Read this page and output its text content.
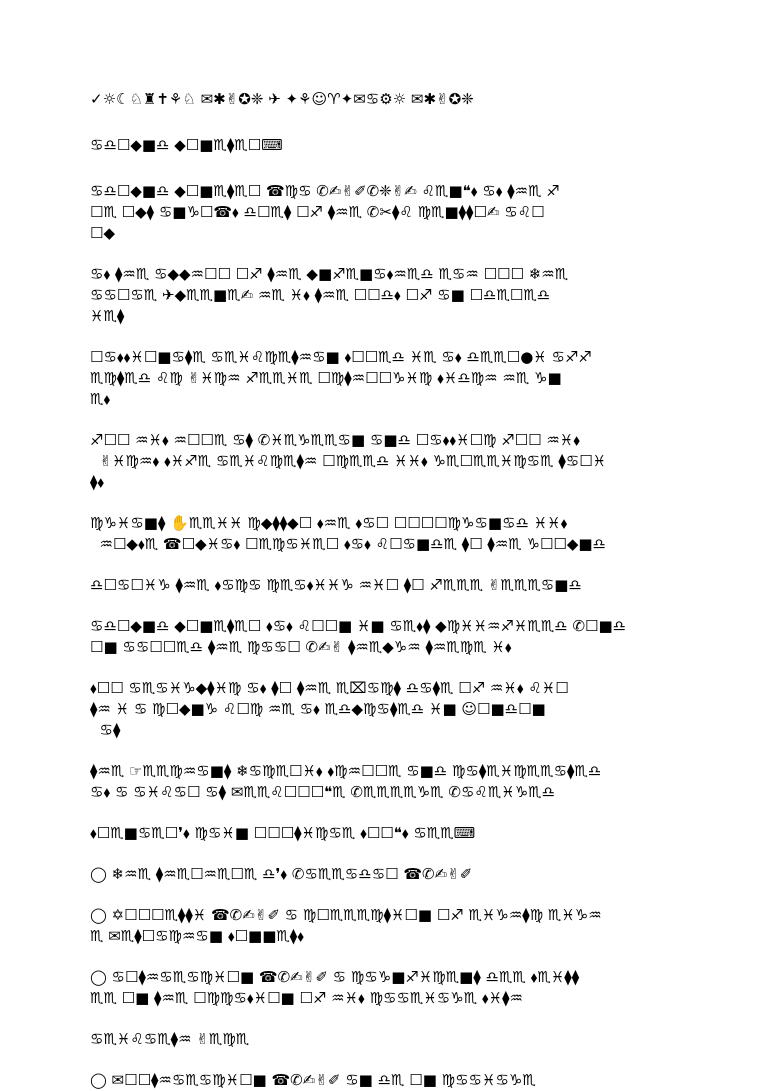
✓☼☾♘♜✝⚘♘ ✉✱✌✪❈ ✈ ✦⚘☺♈✦✉♋⚙☼ ✉✱✌✪❈

♋♎☐◆■♎ ◆☐■♏⧫♏☐⌨

♋♎☐◆■♎ ◆☐■♏⧫♏☐ ☎♍♋ ✆✍✌✐✆❈✌✍ ♌♏■❝⬧ ♋⬧ ⧫♒♏ ♐

☐♏ ☐◆⧫ ♋■♑☐☎⬧ ♎☐♏⧫ ☐♐ ⧫♒♏ ✆✂⧫♌ ♍♏■⧫⧫☐✍ ♋♌☐

☐◆

♋⬧ ⧫♒♏ ♋◆◆♒☐☐ ☐♐ ⧫♒♏ ◆■♐♏■♋⬧♒♏♎ ♏♋♒ ☐☐☐ ❄♒♏

♋♋☐♋♏ ✈◆♏♏■♏✍ ♒♏ ♓⬧ ⧫♒♏ ☐☐♎⬧ ☐♐ ♋■ ☐♎♏☐♏♎

♓♏⧫

☐♋⬧⬧♓☐■♋⧫♏ ♋♏♓♌♍♏⧫♒♋■ ⬧☐☐♏♎ ♓♏ ♋⬧ ♎♏♏☐●♓ ♋♐♐

♏♍⧫♏♎ ♌♍ ✌♓♍♒ ♐♏♏♓♏ ☐♍⧫♒☐☐♑♓♍ ⬧♓♎♍♒ ♒♏ ♑■

♏⬧

♐☐☐ ♒♓⬧ ♒☐☐♏ ♋⧫ ✆♓♏♑♏♏♋■ ♋■♎ ☐♋⬧⬧♓☐♍ ♐☐☐ ♒♓⬧

✌♓♍♒⬧ ⬧♓♐♏ ♋♏♓♌♍♏⧫♒ ☐♍♏♏♎ ♓♓⬧ ♑♏☐♏♏♓♍♋♏ ⧫♋☐♓

⧫⬧

♍♑♓♋■⧫ ✋♏♏♓♓ ♍◆⧫⧫◆☐ ⬧♒♏ ⬧♋☐ ☐☐☐☐♍♑♋■♋♎ ♓♓⬧

♒☐◆⬧♏ ☎☐◆♓♋⬧ ☐♏♍♋♓♏☐ ⬧♋⬧ ♌☐♋■♎♏ ⧫☐ ⧫♒♏ ♑☐☐◆■♎

♎☐♋☐♓♑ ⧫♒♏ ⬧♋♍♋ ♍♏♋⬧♓♓♑ ♒♓☐ ⧫☐ ♐♏♏♏ ✌♏♏♏♋■♎

♋♎☐◆■♎ ◆☐■♏⧫♏☐ ⬧♋⬧ ♌☐☐■ ♓■ ♋♏⬧⧫ ◆♍♓♓♒♐♓♏♏♎ ✆☐■♎

☐■ ♋♋☐☐♏♎ ⧫♒♏ ♍♋♋☐ ✆✍✌ ⧫♒♏◆♑♒ ⧫♒♏♍♏ ♓⬧

⬧☐☐ ♋♏♋♓♑◆⧫♓♍ ♋⬧ ⧫☐ ⧫♒♏ ♏⌧♋♍⧫ ♎♋⧫♏ ☐♐ ♒♓⬧ ♌♓☐

⧫♒ ♓ ♋ ♍☐◆■♑ ♌☐♍ ♒♏ ♋⬧ ♏♎◆♍♋⧫♏♎ ♓■ ☺☐■♎☐■

♋⧫

⧫♒♏ ☞♏♏♍♒♋■⧫ ❄♋♍♏☐♓⬧ ⬧♍♒☐☐♏ ♋■♎ ♍♋⧫♏♓♍♏♏♋⧫♏♎

♋⬧ ♋ ♋♓♌♋☐ ♋⧫ ✉♏♏♌☐☐☐❝♏ ✆♏♏♏♏♑♏ ✆♋♌♏♓♑♏♎

⬧☐♏■♋♏☐❜⬧ ♍♋♓■ ☐☐☐⧫♓♍♋♏ ⬧☐☐❝⬧ ♋♏♏⌨

◯ ❄♒♏ ⧫♒♏☐♒♏☐♏ ♎❜⬧ ✆♋♏♏♋♎♋☐ ☎✆✍✌✐

◯ ✡☐☐☐♏⧫⧫♓ ☎✆✍✌✐ ♋ ♍☐♏♏♏♍⧫♓☐■ ☐♐ ♏♓♑♒⧫♍ ♏♓♑♒

♏ ✉♏⧫☐♋♍♒♋■ ⬧☐■■♏⧫⬧

◯ ♋☐⧫♒♋♏♋♍♓☐■ ☎✆✍✌✐ ♋ ♍♋♑■♐♓♍♏■⧫ ♎♏♏ ⬧♏♓⧫⧫

♏♏ ☐■ ⧫♒♏ ☐♍♍♋⬧♓☐■ ☐♐ ♒♓⬧ ♍♋♋♏♓♋♑♏ ⬧♓⧫♒

♋♏♓♌♋♏⧫♒ ✌♏♍♏

◯ ✉☐☐⧫♒♋♏♋♍♓☐■ ☎✆✍✌✐ ♋■ ♎♏ ☐■ ♍♋♋♓♋♑♏
